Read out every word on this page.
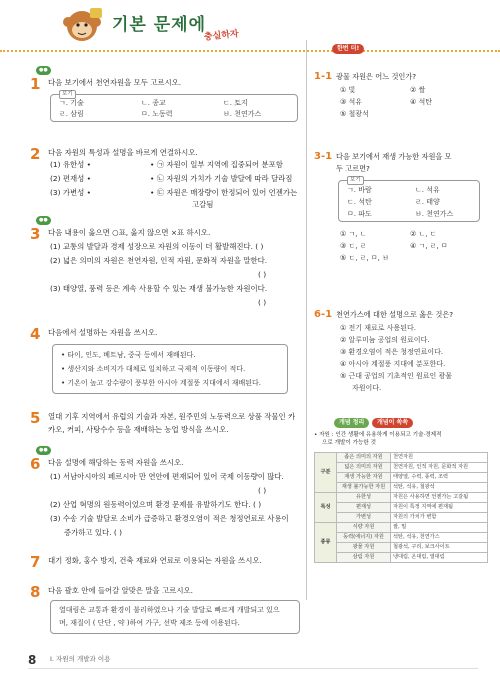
기본 문제에
충실하자
●●
1 다음 보기에서 천연자원을 모두 고르시오.
보기
ㄱ. 기술	ㄴ. 종교	ㄷ. 토지
ㄹ. 삼림	ㅁ. 노동력	ㅂ. 천연가스
2 다음 자원의 특성과 설명을 바르게 연결하시오.
(1) 유한성 •
(2) 편재성 •
(3) 가변성 •
• ㉠ 자원이 일부 지역에 집중되어 분포함
• ㉡ 자원의 가치가 기술 발달에 따라 달라짐
• ㉢ 자원은 매장량이 한정되어 있어 언젠가는
고갈됨
●●
3 다음 내용이 옳으면 ○표, 옳지 않으면 ×표 하시오.
(1) 교통의 발달과 경제 성장으로 자원의 이동이 더 활발해진다. ( )
(2) 넓은 의미의 자원은 천연자원, 인적 자원, 문화적 자원을 말한다.
( )
(3) 태양열, 풍력 등은 계속 사용할 수 있는 재생 불가능한 자원이다.
( )
4 다음에서 설명하는 자원을 쓰시오.
• 타이, 인도, 베트남, 중국 등에서 재배된다.
• 생산지와 소비지가 대체로 일치하고 국제적 이동량이 적다.
• 기온이 높고 강수량이 풍부한 아시아 계절풍 지대에서 재배된다.
5 열대 기후 지역에서 유럽의 기술과 자본, 원주민의 노동력으로 상품 작물인 카
카오, 커피, 사탕수수 등을 재배하는 농업 방식을 쓰시오.
●●
6 다음 설명에 해당하는 동력 자원을 쓰시오.
(1) 서남아시아의 페르시아 만 연안에 편재되어 있어 국제 이동량이 많다.
( )
(2) 산업 혁명의 원동력이었으며 환경 문제를 유발하기도 한다. ( )
(3) 수송 기술 발달로 소비가 급증하고 환경오염이 적은 청정연료로 사용이
증가하고 있다. ( )
7 대기 정화, 홍수 방지, 건축 재료와 연료로 이용되는 자원을 쓰시오.
8 다음 괄호 안에 들어갈 알맞은 말을 고르시오.
열대림은 교통과 환경이 불리하였으나 기술 발달로 빠르게 개발되고 있으
며, 재질이 ( 단단 , 약 )하여 가구, 선박 제조 등에 이용된다.
한번 더!
1-1 광물 자원은 어느 것인가?
① 빛	② 쌀
③ 석유	④ 석탄
⑤ 철광석
3-1 다음 보기에서 재생 가능한 자원을 모
두 고르면?
보기
ㄱ. 바람	ㄴ. 석유
ㄷ. 석탄	ㄹ. 태양
ㅁ. 파도	ㅂ. 천연가스
① ㄱ, ㄴ	② ㄴ, ㄷ
③ ㄷ, ㄹ	④ ㄱ, ㄹ, ㅁ
⑤ ㄷ, ㄹ, ㅁ, ㅂ
6-1 천연가스에 대한 설명으로 옳은 것은?
① 전기 재료로 사용된다.
② 알루미늄 공업의 원료이다.
③ 환경오염이 적은 청정연료이다.
④ 아시아 계절풍 지대에 분포한다.
⑤ 근대 공업의 기초적인 원료인 광물
자원이다.
개념 정리	개념이 쏙쏙
• 자원 : 인간 생활에 유용하게 이용되고 기술·경제적
으로 개발이 가능한 것
구분	좁은 의미의 자원	천연자원
	넓은 의미의 자원	천연자원, 인적 자원, 문화적 자원
	재생 가능한 자원	태양열, 수력, 풍력, 조력
	재생 불가능한 자원	석탄, 석유, 철광석
특성	유한성	자원은 사용하면 언젠가는 고갈됨
	편재성	자원이 특정 지역에 편재됨
	가변성	자원의 가치가 변함
종류	식량 자원	쌀, 밀
	동력(에너지) 자원	석탄, 석유, 천연가스
	광물 자원	철광석, 구리, 보크사이트
	삼림 자원	냉대림, 온대림, 열대림
8 Ⅰ. 자원의 개발과 이용
